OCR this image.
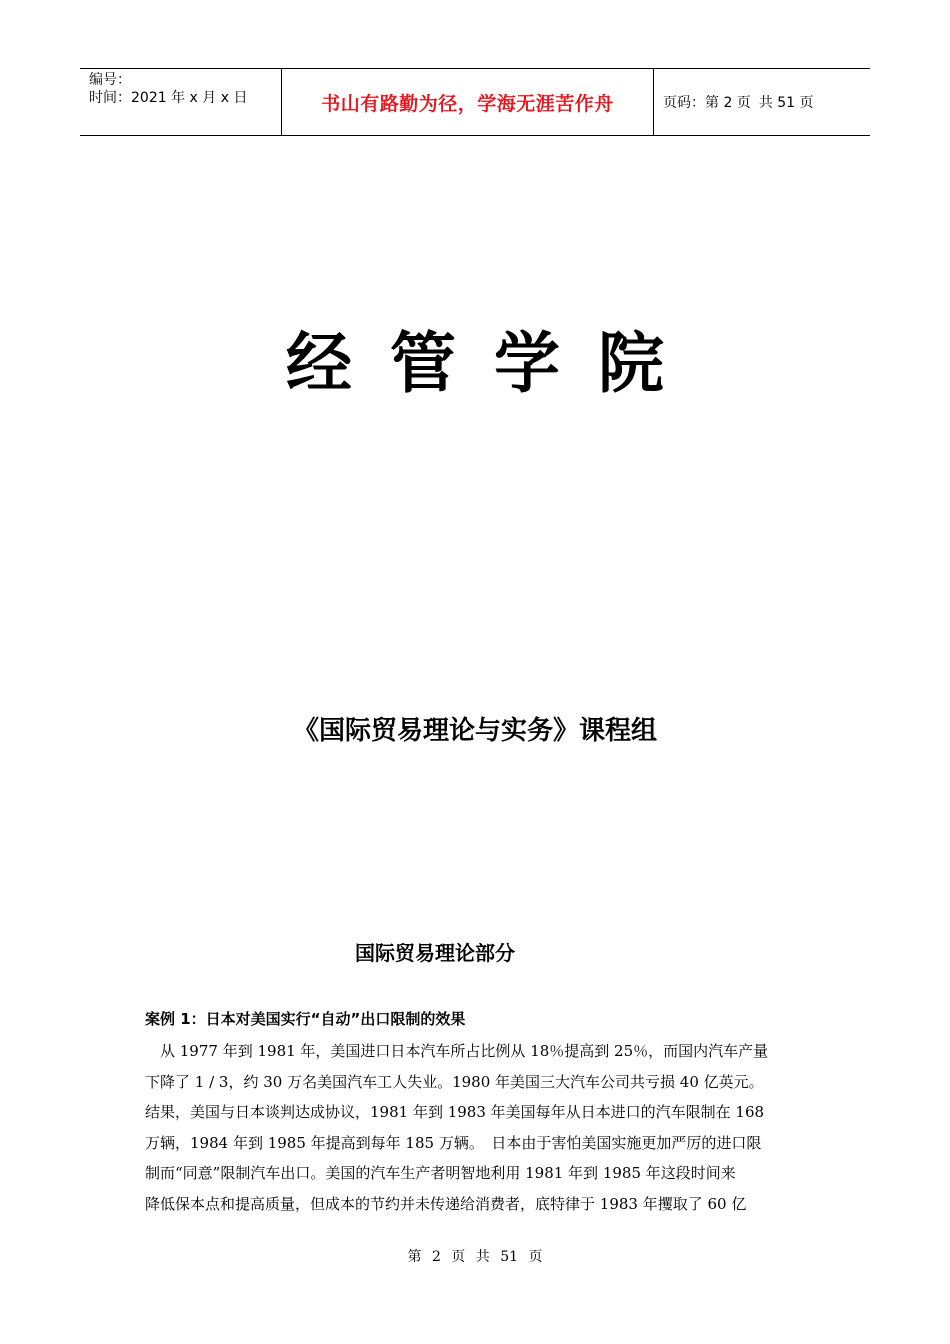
编号：
时间：2021 年 x 月 x 日	书山有路勤为径，学海无涯苦作舟	页码：第 2 页 共 51 页
经管学院
《国际贸易理论与实务》课程组
国际贸易理论部分
案例 1：日本对美国实行“自动”出口限制的效果
　从 1977 年到 1981 年，美国进口日本汽车所占比例从 18％提高到 25％，而国内汽车产量
下降了 1 / 3，约 30 万名美国汽车工人失业。1980 年美国三大汽车公司共亏损 40 亿英元。
结果，美国与日本谈判达成协议，1981 年到 1983 年美国每年从日本进口的汽车限制在 168
万辆，1984 年到 1985 年提高到每年 185 万辆。　日本由于害怕美国实施更加严厉的进口限
制而“同意”限制汽车出口。美国的汽车生产者明智地利用 1981 年到 1985 年这段时间来
降低保本点和提高质量，但成本的节约并未传递给消费者，底特律于 1983 年攫取了 60 亿
第 2 页 共 51 页
